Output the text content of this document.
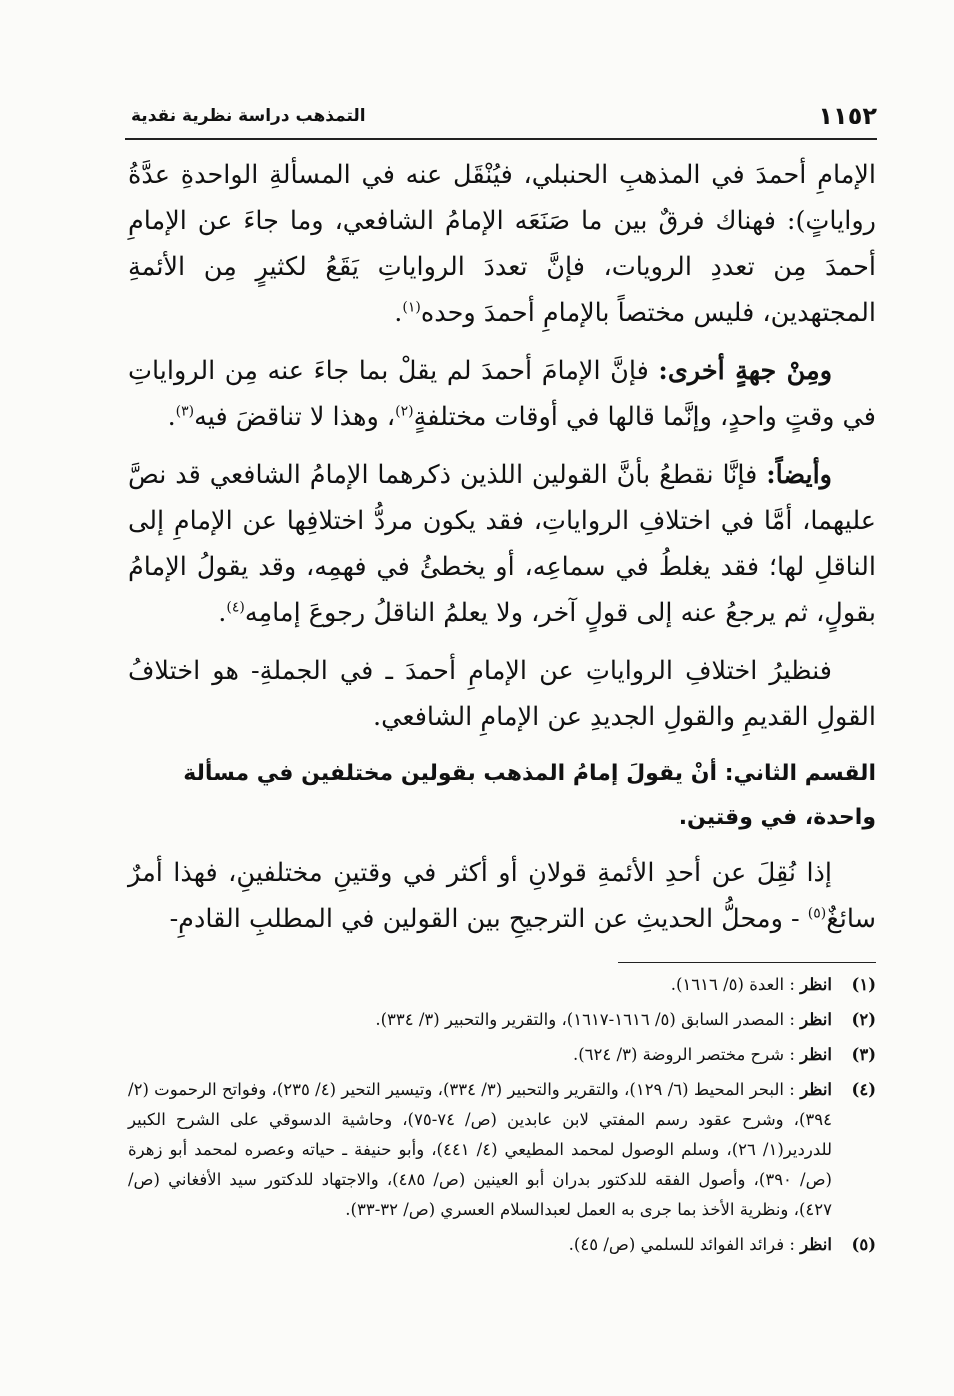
١١٥٢
التمذهب دراسة نظرية نقدية

الإمامِ أحمدَ في المذهبِ الحنبلي، فيُنْقَل عنه في المسألةِ الواحدةِ عدَّةُ رواياتٍ): فهناك فرقٌ بين ما صَنَعَه الإمامُ الشافعي، وما جاءَ عن الإمامِ أحمدَ مِن تعددِ الرويات، فإنَّ تعددَ الرواياتِ يَقَعُ لكثيرٍ مِن الأئمةِ المجتهدين، فليس مختصاً بالإمامِ أحمدَ وحده$^{(١)}$.

ومِنْ جهةٍ أخرى: فإنَّ الإمامَ أحمدَ لم يقلْ بما جاءَ عنه مِن الرواياتِ في وقتٍ واحدٍ، وإنَّما قالها في أوقات مختلفةٍ$^{(٢)}$، وهذا لا تناقضَ فيه$^{(٣)}$.

وأيضاً: فإنَّا نقطعُ بأنَّ القولين اللذين ذكرهما الإمامُ الشافعي قد نصَّ عليهما، أمَّا في اختلافِ الرواياتِ، فقد يكون مردُّ اختلافِها عن الإمامِ إلى الناقلِ لها؛ فقد يغلطُ في سماعِه، أو يخطئُ في فهمِه، وقد يقولُ الإمامُ بقولٍ، ثم يرجعُ عنه إلى قولٍ آخر، ولا يعلمُ الناقلُ رجوعَ إمامِه$^{(٤)}$.

فنظيرُ اختلافِ الرواياتِ عن الإمامِ أحمدَ ـ في الجملةِ- هو اختلافُ القولِ القديمِ والقولِ الجديدِ عن الإمامِ الشافعي.

القسم الثاني: أنْ يقولَ إمامُ المذهب بقولين مختلفين في مسألة واحدة، في وقتين.

إذا نُقِلَ عن أحدِ الأئمةِ قولانِ أو أكثر في وقتينِ مختلفينِ، فهذا أمرٌ سائغٌ$^{(٥)}$ - ومحلُّ الحديثِ عن الترجيحِ بين القولين في المطلبِ القادمِ-

(١)
انظر : العدة (٥/ ١٦١٦).
(٢)
انظر : المصدر السابق (٥/ ١٦١٦-١٦١٧)، والتقرير والتحبير (٣/ ٣٣٤).
(٣)
انظر : شرح مختصر الروضة (٣/ ٦٢٤).
(٤)
انظر : البحر المحيط (٦/ ١٢٩)، والتقرير والتحبير (٣/ ٣٣٤)، وتيسير التحير (٤/ ٢٣٥)، وفواتح الرحموت (٢/ ٣٩٤)، وشرح عقود رسم المفتي لابن عابدين (ص/ ٧٤-٧٥)، وحاشية الدسوقي على الشرح الكبير للدردير(١/ ٢٦)، وسلم الوصول لمحمد المطيعي (٤/ ٤٤١)، وأبو حنيفة ـ حياته وعصره لمحمد أبو زهرة (ص/ ٣٩٠)، وأصول الفقه للدكتور بدران أبو العينين (ص/ ٤٨٥)، والاجتهاد للدكتور سيد الأفغاني (ص/ ٤٢٧)، ونظرية الأخذ بما جرى به العمل لعبدالسلام العسري (ص/ ٣٢-٣٣).
(٥)
انظر : فرائد الفوائد للسلمي (ص/ ٤٥).
